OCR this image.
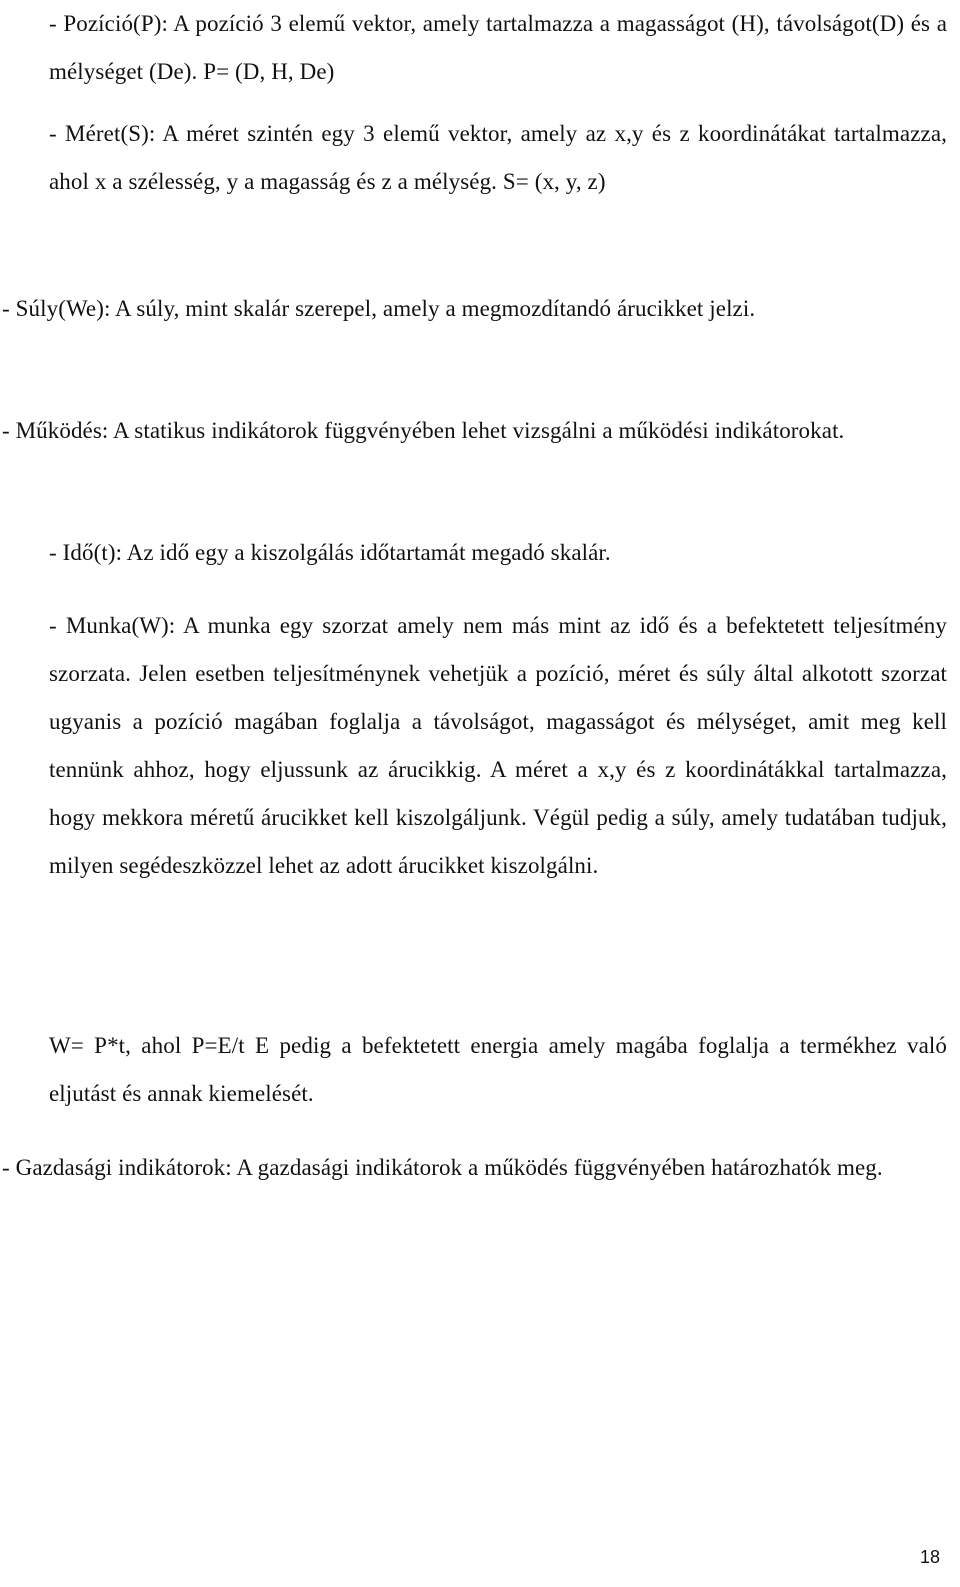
- Pozíció(P): A pozíció 3 elemű vektor, amely tartalmazza a magasságot (H), távolságot(D) és a mélységet (De). P= (D, H, De)

- Méret(S): A méret szintén egy 3 elemű vektor, amely az x,y és z koordinátákat tartalmazza, ahol x a szélesség, y a magasság és z a mélység. S= (x, y, z)

- Súly(We): A súly, mint skalár szerepel, amely a megmozdítandó árucikket jelzi.

- Működés: A statikus indikátorok függvényében lehet vizsgálni a működési indikátorokat.

- Idő(t): Az idő egy a kiszolgálás időtartamát megadó skalár.

- Munka(W): A munka egy szorzat amely nem más mint az idő és a befektetett teljesítmény szorzata. Jelen esetben teljesítménynek vehetjük a pozíció, méret és súly által alkotott szorzat ugyanis a pozíció magában foglalja a távolságot, magasságot és mélységet, amit meg kell tennünk ahhoz, hogy eljussunk az árucikkig. A méret a x,y és z koordinátákkal tartalmazza, hogy mekkora méretű árucikket kell kiszolgáljunk. Végül pedig a súly, amely tudatában tudjuk, milyen segédeszközzel lehet az adott árucikket kiszolgálni.

W= P*t, ahol P=E/t E pedig a befektetett energia amely magába foglalja a termékhez való eljutást és annak kiemelését.

- Gazdasági indikátorok: A gazdasági indikátorok a működés függvényében határozhatók meg.

18
